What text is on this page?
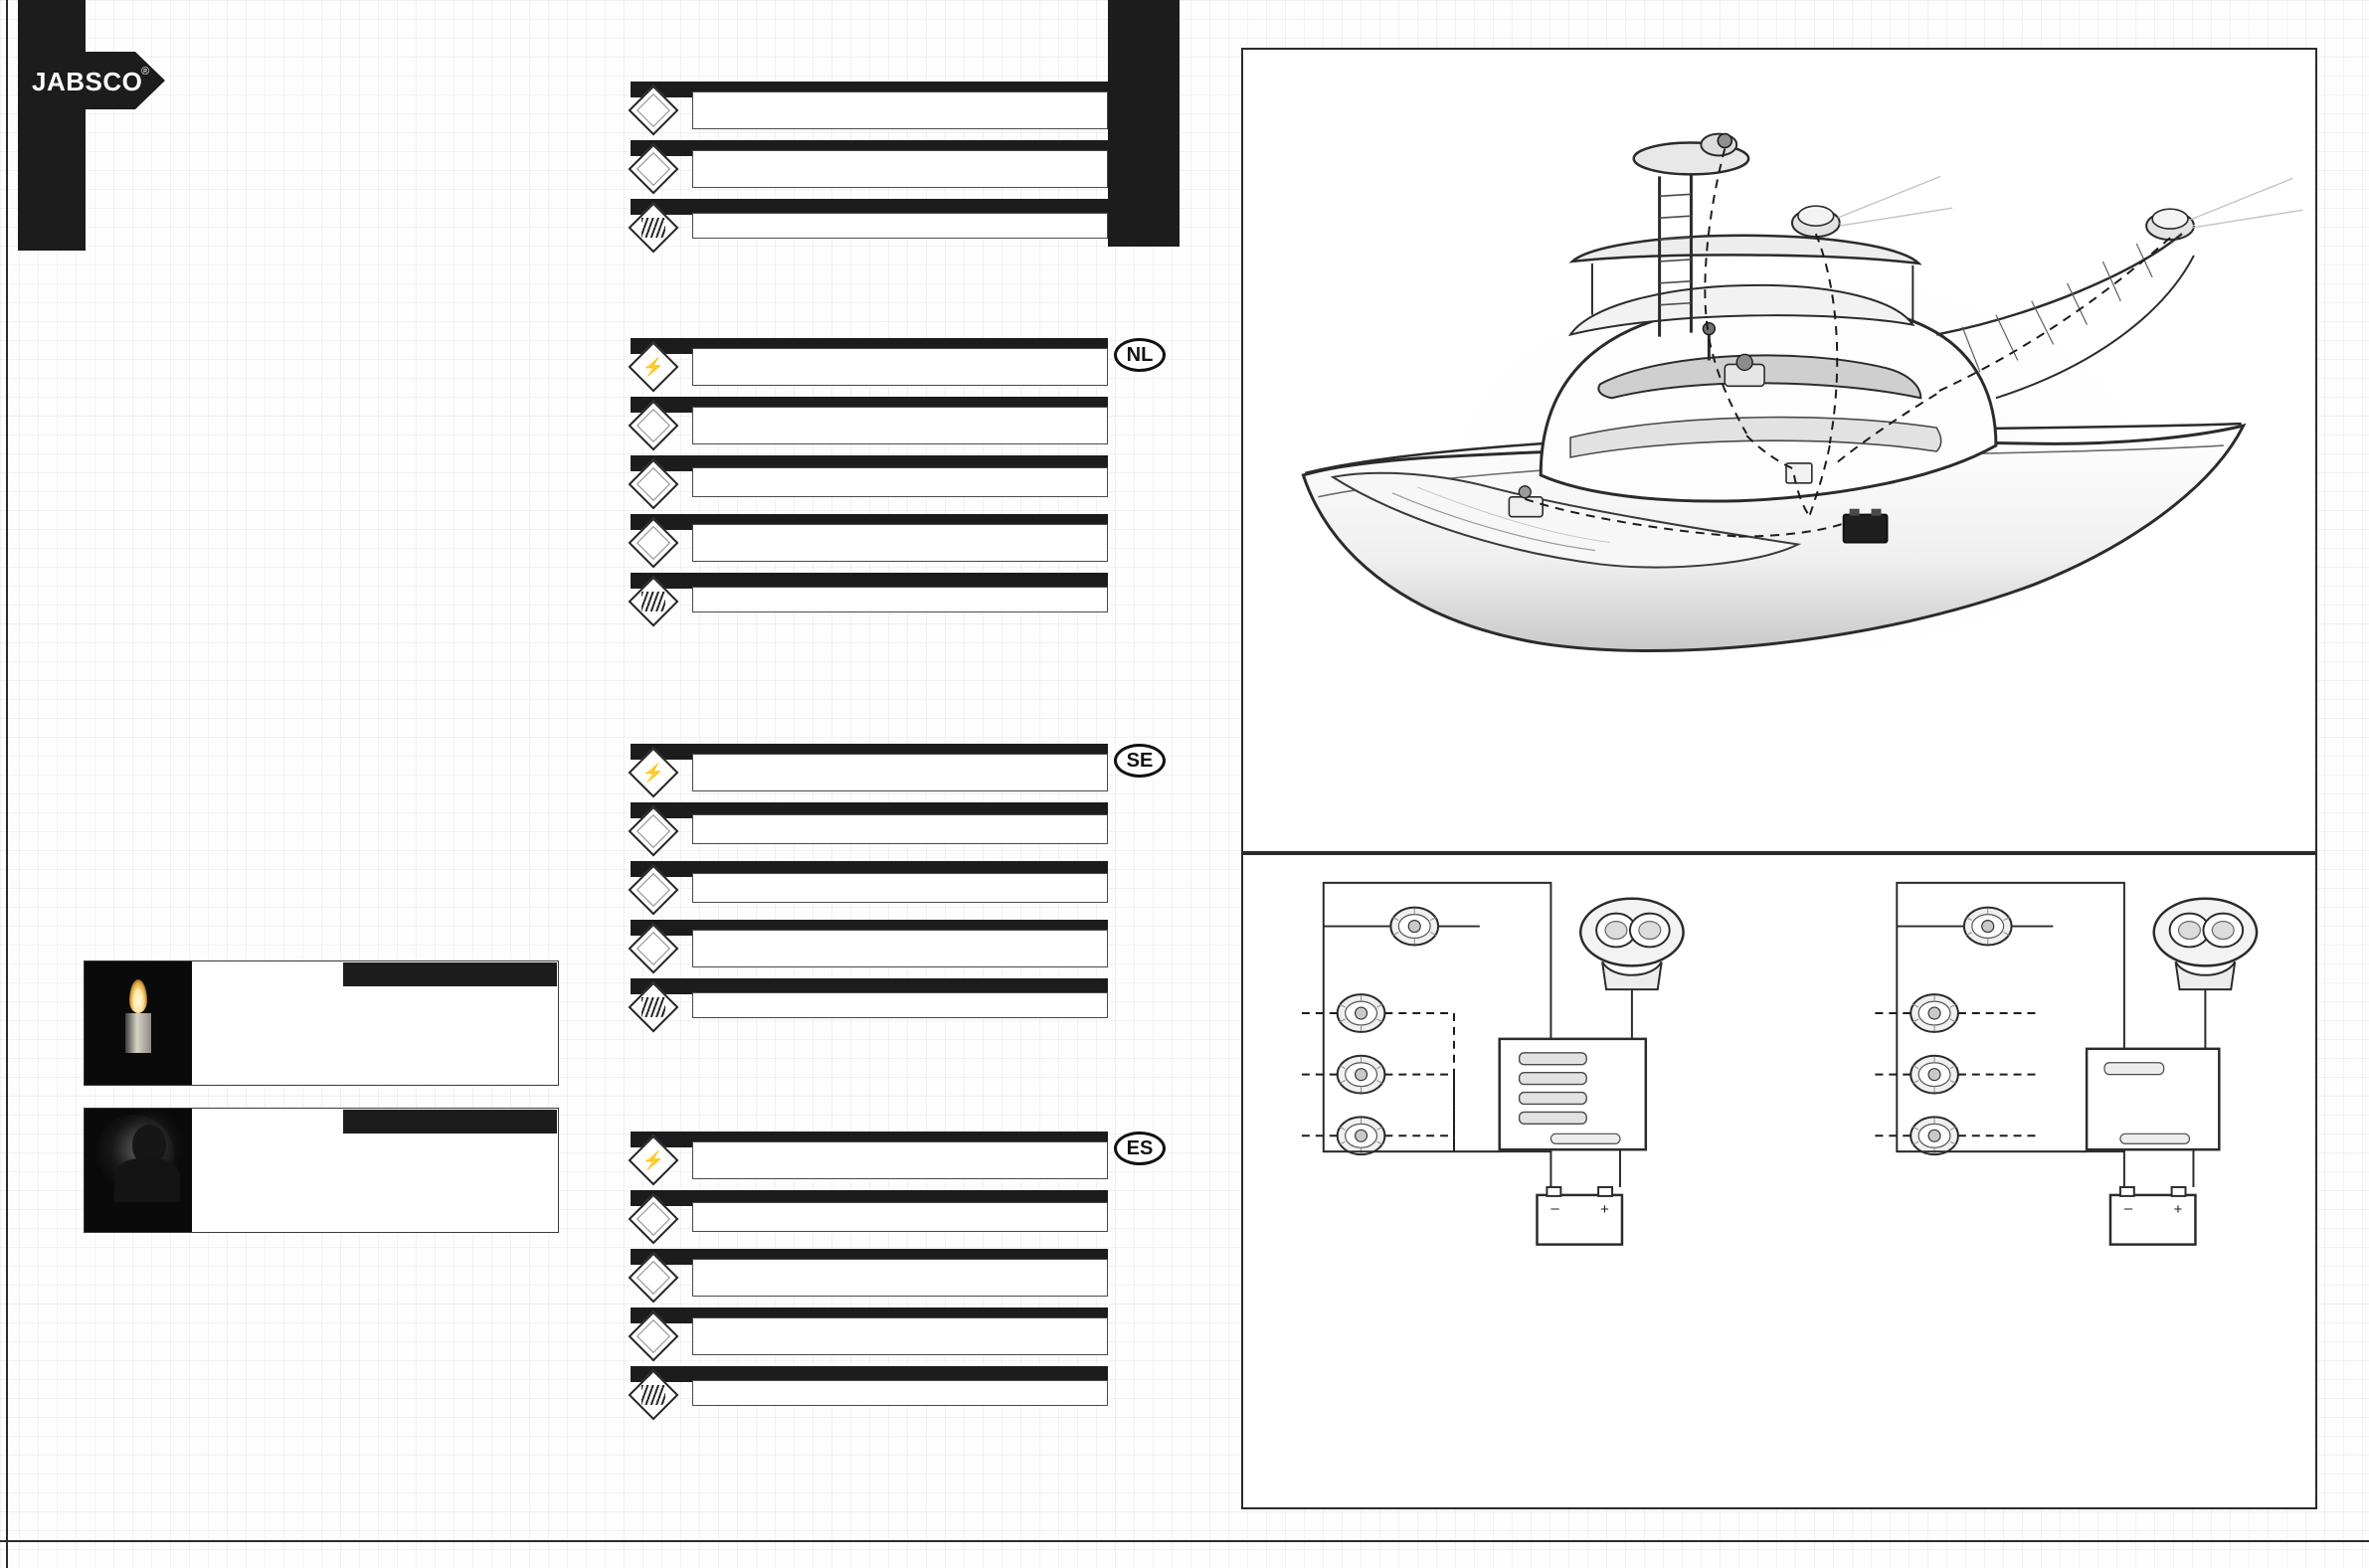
JABSCO
®
NL
⚡
SE
⚡
ES
⚡
–	+
